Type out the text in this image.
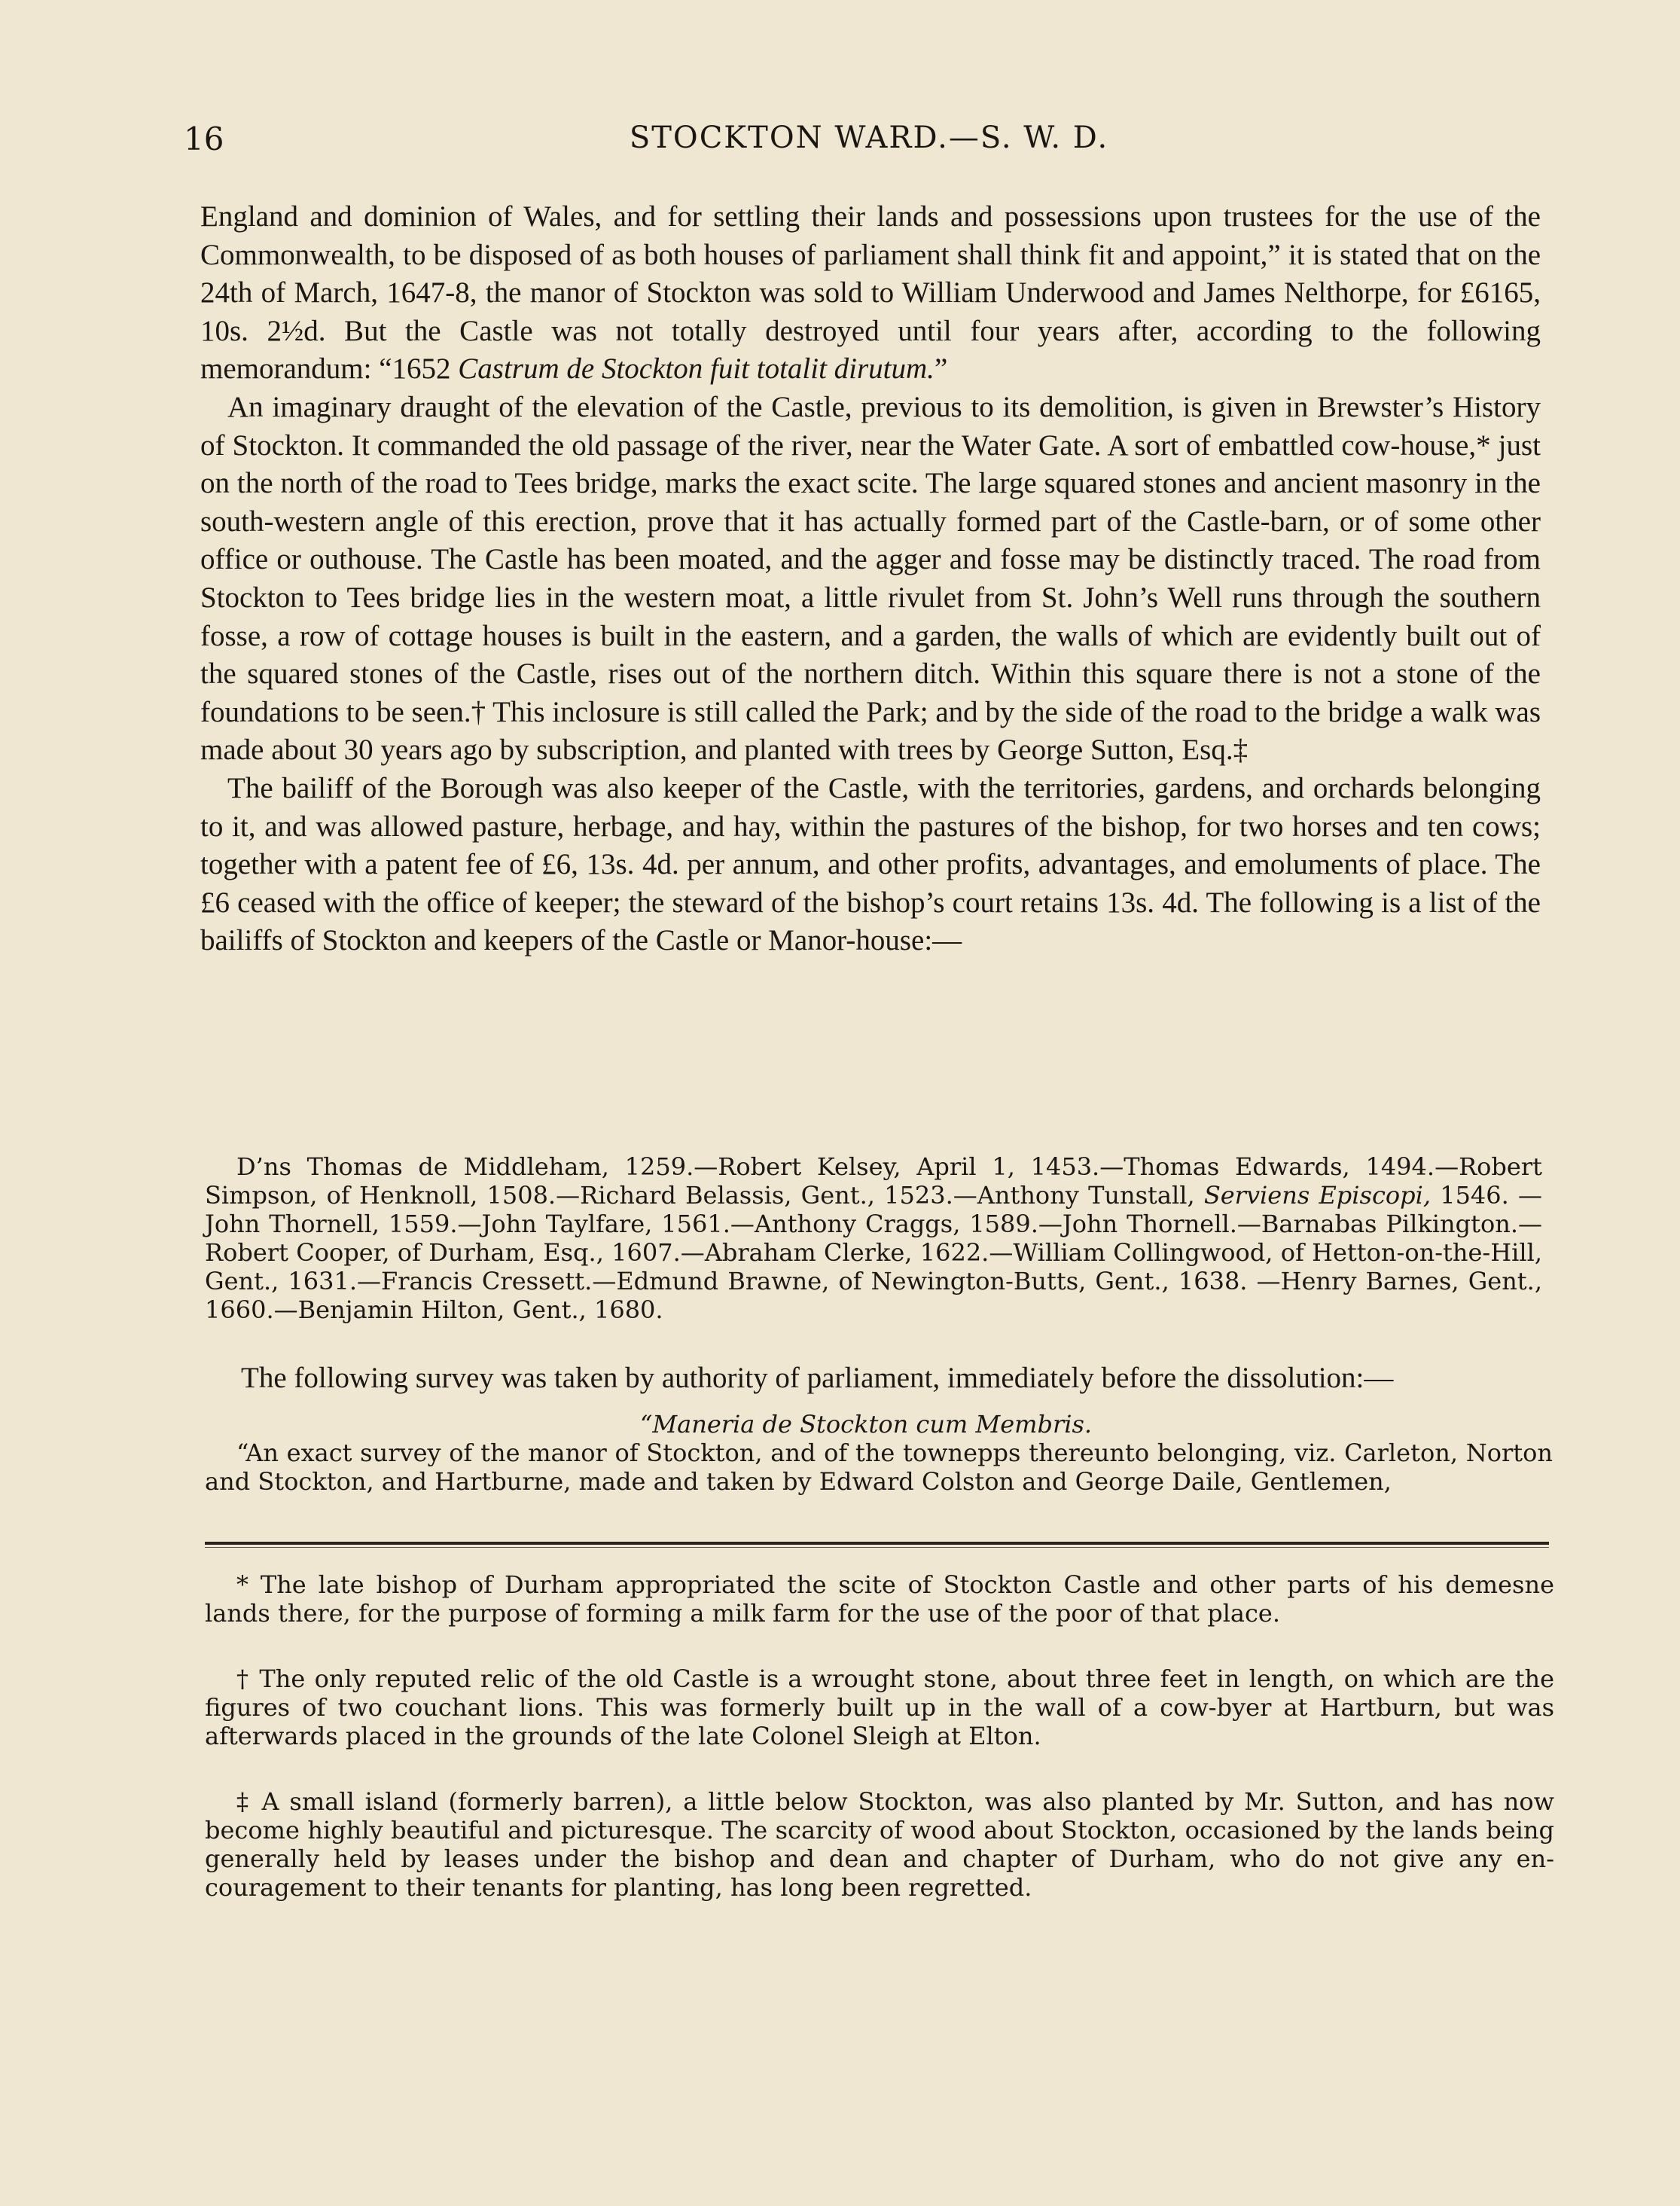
16	STOCKTON WARD.—S. W. D.

England and dominion of Wales, and for settling their lands and possessions upon trustees for the use of the Commonwealth, to be disposed of as both houses of parliament shall think fit and appoint,” it is stated that on the 24th of March, 1647-8, the manor of Stockton was sold to William Underwood and James Nelthorpe, for £6165, 10s. 2½d. But the Castle was not totally destroyed until four years after, according to the following memorandum: “1652 Castrum de Stockton fuit totalit dirutum.”

An imaginary draught of the elevation of the Castle, previous to its demolition, is given in Brewster’s History of Stockton. It commanded the old passage of the river, near the Water Gate. A sort of embattled cow-house,* just on the north of the road to Tees bridge, marks the exact scite. The large squared stones and ancient masonry in the south-western angle of this erection, prove that it has actually formed part of the Castle-barn, or of some other office or outhouse. The Castle has been moated, and the agger and fosse may be distinctly traced. The road from Stockton to Tees bridge lies in the western moat, a little rivulet from St. John’s Well runs through the southern fosse, a row of cottage houses is built in the eastern, and a garden, the walls of which are evidently built out of the squared stones of the Castle, rises out of the northern ditch. Within this square there is not a stone of the foundations to be seen.† This inclosure is still called the Park; and by the side of the road to the bridge a walk was made about 30 years ago by subscription, and planted with trees by George Sutton, Esq.‡

The bailiff of the Borough was also keeper of the Castle, with the territories, gardens, and orchards belonging to it, and was allowed pasture, herbage, and hay, within the pastures of the bishop, for two horses and ten cows; together with a patent fee of £6, 13s. 4d. per annum, and other profits, advantages, and emoluments of place. The £6 ceased with the office of keeper; the steward of the bishop’s court retains 13s. 4d. The following is a list of the bailiffs of Stockton and keepers of the Castle or Manor-house:—

D’ns Thomas de Middleham, 1259.—Robert Kelsey, April 1, 1453.—Thomas Edwards, 1494.—Robert Simpson, of Henknoll, 1508.—Richard Belassis, Gent., 1523.—Anthony Tunstall, Serviens Episcopi, 1546. —John Thornell, 1559.—John Taylfare, 1561.—Anthony Craggs, 1589.—John Thornell.—Barnabas Pilkington.—Robert Cooper, of Durham, Esq., 1607.—Abraham Clerke, 1622.—William Collingwood, of Hetton-on-the-Hill, Gent., 1631.—Francis Cressett.—Edmund Brawne, of Newington-Butts, Gent., 1638. —Henry Barnes, Gent., 1660.—Benjamin Hilton, Gent., 1680.

The following survey was taken by authority of parliament, immediately before the dissolution:—
“Maneria de Stockton cum Membris.

“An exact survey of the manor of Stockton, and of the townepps thereunto belonging, viz. Carleton, Norton and Stockton, and Hartburne, made and taken by Edward Colston and George Daile, Gentlemen,

* The late bishop of Durham appropriated the scite of Stockton Castle and other parts of his demesne lands there, for the purpose of forming a milk farm for the use of the poor of that place.

† The only reputed relic of the old Castle is a wrought stone, about three feet in length, on which are the figures of two couchant lions. This was formerly built up in the wall of a cow-byer at Hartburn, but was afterwards placed in the grounds of the late Colonel Sleigh at Elton.

‡ A small island (formerly barren), a little below Stockton, was also planted by Mr. Sutton, and has now become highly beautiful and picturesque. The scarcity of wood about Stockton, occasioned by the lands being generally held by leases under the bishop and dean and chapter of Durham, who do not give any encouragement to their tenants for planting, has long been regretted.
